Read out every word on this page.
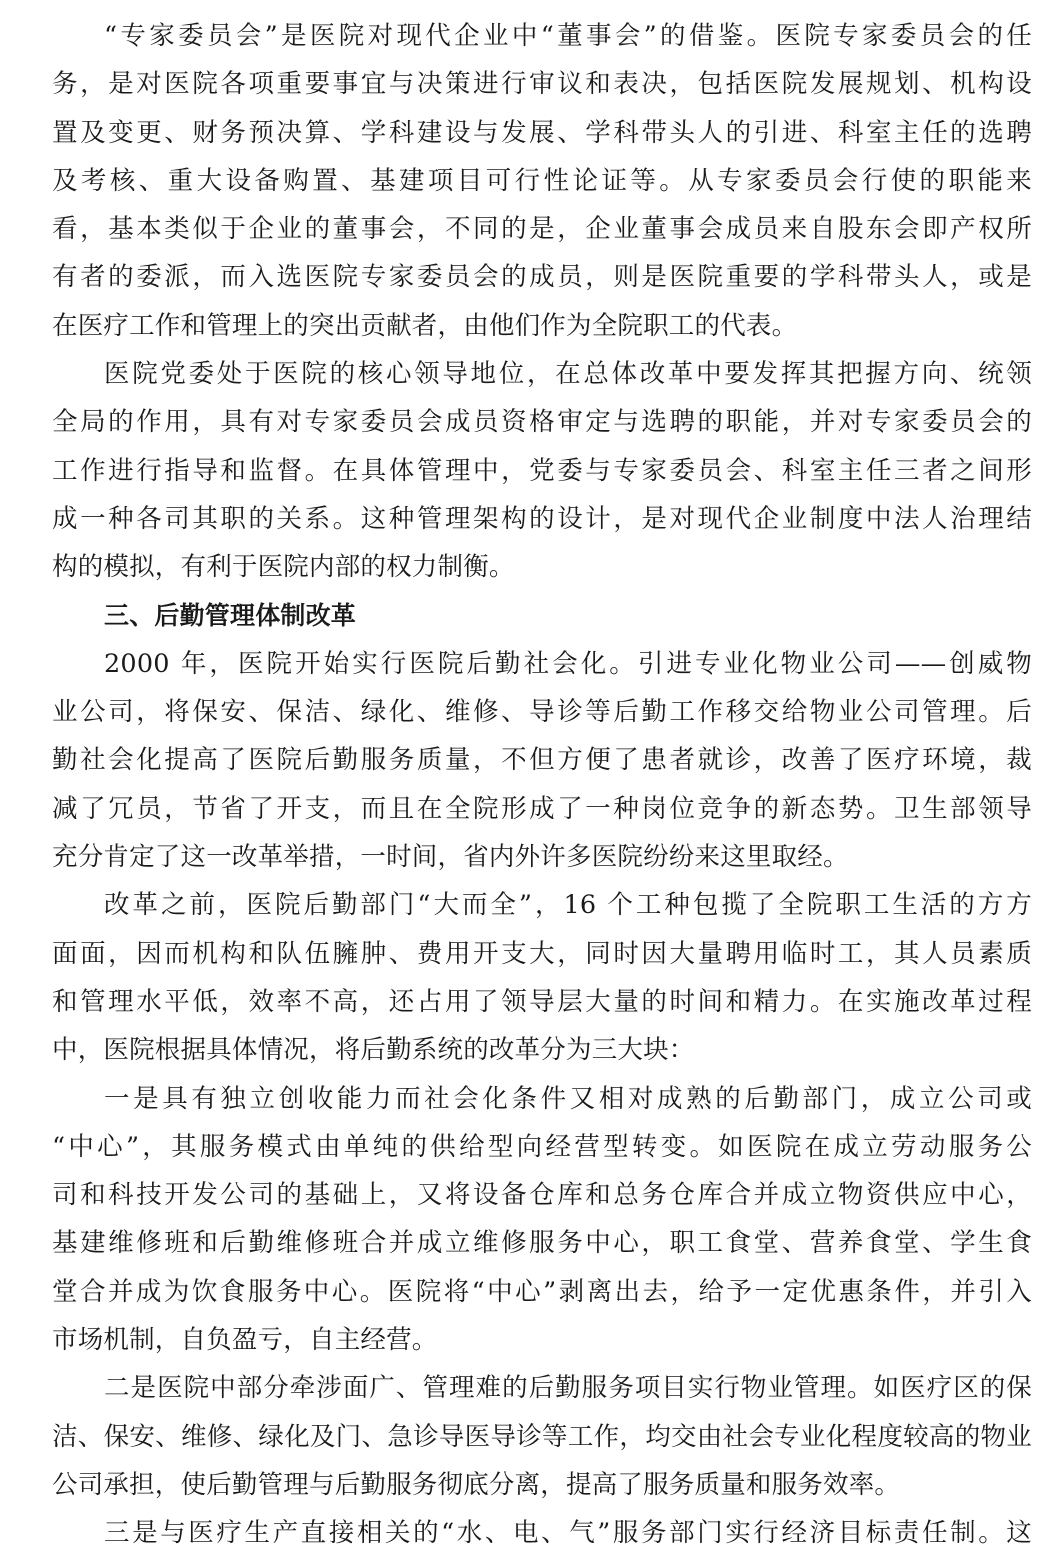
“专家委员会”是医院对现代企业中“董事会”的借鉴。医院专家委员会的任
务，是对医院各项重要事宜与决策进行审议和表决，包括医院发展规划、机构设
置及变更、财务预决算、学科建设与发展、学科带头人的引进、科室主任的选聘
及考核、重大设备购置、基建项目可行性论证等。从专家委员会行使的职能来
看，基本类似于企业的董事会，不同的是，企业董事会成员来自股东会即产权所
有者的委派，而入选医院专家委员会的成员，则是医院重要的学科带头人，或是
在医疗工作和管理上的突出贡献者，由他们作为全院职工的代表。
医院党委处于医院的核心领导地位，在总体改革中要发挥其把握方向、统领
全局的作用，具有对专家委员会成员资格审定与选聘的职能，并对专家委员会的
工作进行指导和监督。在具体管理中，党委与专家委员会、科室主任三者之间形
成一种各司其职的关系。这种管理架构的设计，是对现代企业制度中法人治理结
构的模拟，有利于医院内部的权力制衡。
三、后勤管理体制改革
2000 年，医院开始实行医院后勤社会化。引进专业化物业公司——创威物
业公司，将保安、保洁、绿化、维修、导诊等后勤工作移交给物业公司管理。后
勤社会化提高了医院后勤服务质量，不但方便了患者就诊，改善了医疗环境，裁
减了冗员，节省了开支，而且在全院形成了一种岗位竞争的新态势。卫生部领导
充分肯定了这一改革举措，一时间，省内外许多医院纷纷来这里取经。
改革之前，医院后勤部门“大而全”，16 个工种包揽了全院职工生活的方方
面面，因而机构和队伍臃肿、费用开支大，同时因大量聘用临时工，其人员素质
和管理水平低，效率不高，还占用了领导层大量的时间和精力。在实施改革过程
中，医院根据具体情况，将后勤系统的改革分为三大块：
一是具有独立创收能力而社会化条件又相对成熟的后勤部门，成立公司或
“中心”，其服务模式由单纯的供给型向经营型转变。如医院在成立劳动服务公
司和科技开发公司的基础上，又将设备仓库和总务仓库合并成立物资供应中心，
基建维修班和后勤维修班合并成立维修服务中心，职工食堂、营养食堂、学生食
堂合并成为饮食服务中心。医院将“中心”剥离出去，给予一定优惠条件，并引入
市场机制，自负盈亏，自主经营。
二是医院中部分牵涉面广、管理难的后勤服务项目实行物业管理。如医疗区的保
洁、保安、维修、绿化及门、急诊导医导诊等工作，均交由社会专业化程度较高的物业
公司承担，使后勤管理与后勤服务彻底分离，提高了服务质量和服务效率。
三是与医疗生产直接相关的“水、电、气”服务部门实行经济目标责任制。这
